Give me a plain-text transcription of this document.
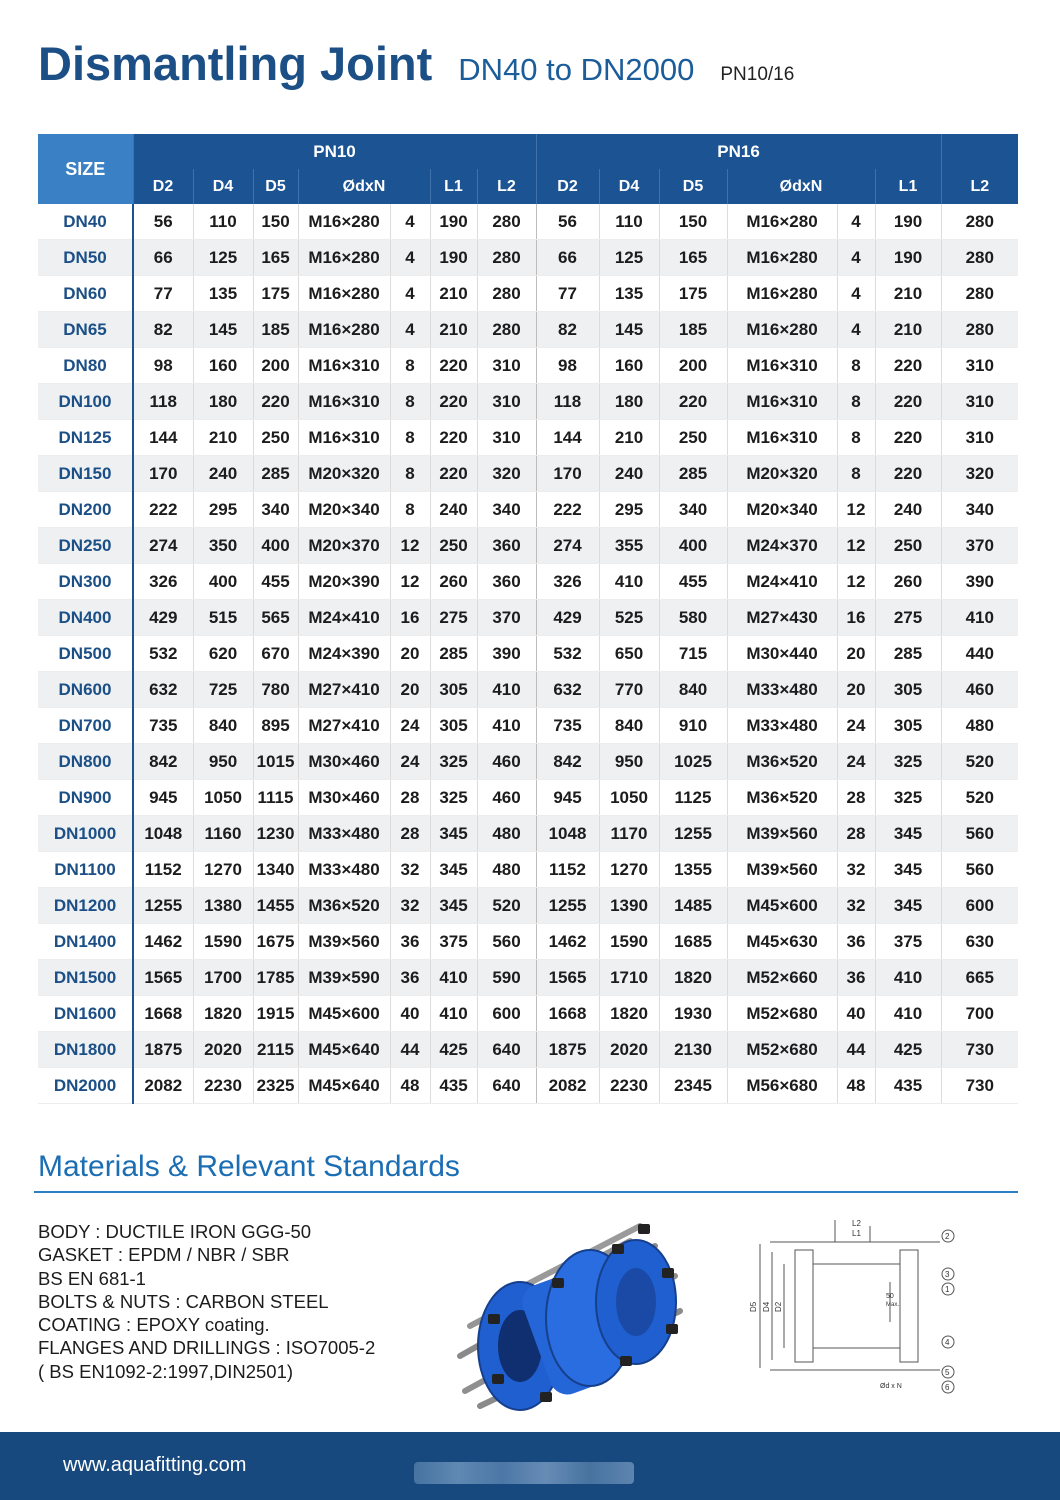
Dismantling Joint DN40 to DN2000 PN10/16
SIZE	PN10							PN16						
	D2	D4	D5	ØdxN		L1	L2	D2	D4	D5	ØdxN		L1	L2
DN40	56	110	150	M16×280	4	190	280	56	110	150	M16×280	4	190	280
DN50	66	125	165	M16×280	4	190	280	66	125	165	M16×280	4	190	280
DN60	77	135	175	M16×280	4	210	280	77	135	175	M16×280	4	210	280
DN65	82	145	185	M16×280	4	210	280	82	145	185	M16×280	4	210	280
DN80	98	160	200	M16×310	8	220	310	98	160	200	M16×310	8	220	310
DN100	118	180	220	M16×310	8	220	310	118	180	220	M16×310	8	220	310
DN125	144	210	250	M16×310	8	220	310	144	210	250	M16×310	8	220	310
DN150	170	240	285	M20×320	8	220	320	170	240	285	M20×320	8	220	320
DN200	222	295	340	M20×340	8	240	340	222	295	340	M20×340	12	240	340
DN250	274	350	400	M20×370	12	250	360	274	355	400	M24×370	12	250	370
DN300	326	400	455	M20×390	12	260	360	326	410	455	M24×410	12	260	390
DN400	429	515	565	M24×410	16	275	370	429	525	580	M27×430	16	275	410
DN500	532	620	670	M24×390	20	285	390	532	650	715	M30×440	20	285	440
DN600	632	725	780	M27×410	20	305	410	632	770	840	M33×480	20	305	460
DN700	735	840	895	M27×410	24	305	410	735	840	910	M33×480	24	305	480
DN800	842	950	1015	M30×460	24	325	460	842	950	1025	M36×520	24	325	520
DN900	945	1050	1115	M30×460	28	325	460	945	1050	1125	M36×520	28	325	520
DN1000	1048	1160	1230	M33×480	28	345	480	1048	1170	1255	M39×560	28	345	560
DN1100	1152	1270	1340	M33×480	32	345	480	1152	1270	1355	M39×560	32	345	560
DN1200	1255	1380	1455	M36×520	32	345	520	1255	1390	1485	M45×600	32	345	600
DN1400	1462	1590	1675	M39×560	36	375	560	1462	1590	1685	M45×630	36	375	630
DN1500	1565	1700	1785	M39×590	36	410	590	1565	1710	1820	M52×660	36	410	665
DN1600	1668	1820	1915	M45×600	40	410	600	1668	1820	1930	M52×680	40	410	700
DN1800	1875	2020	2115	M45×640	44	425	640	1875	2020	2130	M52×680	44	425	730
DN2000	2082	2230	2325	M45×640	48	435	640	2082	2230	2345	M56×680	48	435	730
Materials & Relevant Standards
BODY : DUCTILE IRON GGG-50
GASKET : EPDM / NBR / SBR
BS EN 681-1
BOLTS & NUTS : CARBON STEEL
COATING : EPOXY coating.
FLANGES AND DRILLINGS : ISO7005-2
( BS EN1092-2:1997,DIN2501)
L2
L1
D5 D4 D2
50
Max.
Ød x N
2
3
1
4
5
6
www.aquafitting.com
